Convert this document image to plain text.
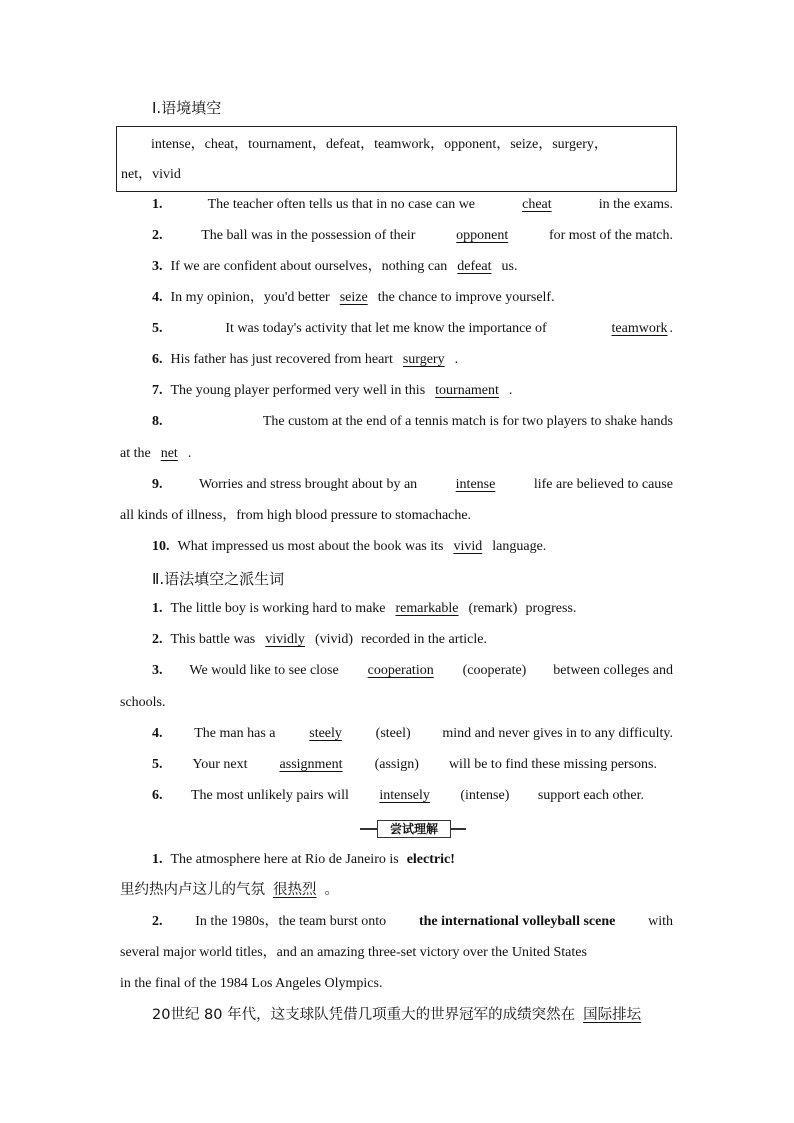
Ⅰ.语境填空
intense，cheat，tournament，defeat，teamwork，opponent，seize，surgery，
net，vivid
1.	The teacher often tells us that in no case can we	cheat	in the exams.
2.	The ball was in the possession of their	opponent	for most of the match.
3. If we are confident about ourselves，nothing can defeat us.
4. In my opinion，you'd better seize the chance to improve yourself.
5.	It was today's activity that let me know the importance of	teamwork .
6. His father has just recovered from heart surgery .
7. The young player performed very well in this tournament .
8.	The custom at the end of a tennis match is for two players to shake hands
at the net .
9.	Worries and stress brought about by an	intense	life are believed to cause
all kinds of illness，from high blood pressure to stomachache.
10. What impressed us most about the book was its vivid language.
Ⅱ.语法填空之派生词
1. The little boy is working hard to make remarkable (remark) progress.
2. This battle was vividly (vivid) recorded in the article.
3. We would like to see close cooperation (cooperate) between colleges and
schools.
4. The man has a steely (steel) mind and never gives in to any difficulty.
5. Your next assignment (assign) will be to find these missing persons.
6. The most unlikely pairs will intensely (intense) support each other.
尝试理解
1. The atmosphere here at Rio de Janeiro is electric!
里约热内卢这儿的气氛 很热烈 。
2. In the 1980s，the team burst onto the international volleyball scene with
several major world titles，and an amazing three-set victory over the United States
in the final of the 1984 Los Angeles Olympics.
20世纪 80 年代，这支球队凭借几项重大的世界冠军的成绩突然在 国际排坛
